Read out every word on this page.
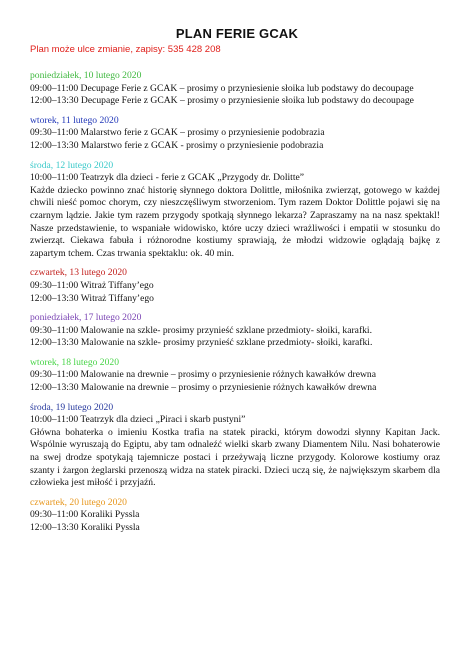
PLAN FERIE GCAK

Plan może ulce zmianie, zapisy: 535 428 208

poniedziałek, 10 lutego 2020

09:00–11:00 Decupage Ferie z GCAK – prosimy o przyniesienie słoika lub podstawy do decoupage

12:00–13:30 Decupage Ferie z GCAK – prosimy o przyniesienie słoika lub podstawy do decoupage

wtorek, 11 lutego 2020

09:30–11:00 Malarstwo ferie z GCAK – prosimy o przyniesienie podobrazia

12:00–13:30 Malarstwo ferie z GCAK - prosimy o przyniesienie podobrazia

środa, 12 lutego 2020

10:00–11:00 Teatrzyk dla dzieci - ferie z GCAK „Przygody dr. Dolitte”

Każde dziecko powinno znać historię słynnego doktora Dolittle, miłośnika zwierząt, gotowego w każdej chwili nieść pomoc chorym, czy nieszczęśliwym stworzeniom. Tym razem Doktor Dolittle pojawi się na czarnym lądzie. Jakie tym razem przygody spotkają słynnego lekarza? Zapraszamy na na nasz spektakl! Nasze przedstawienie, to wspaniałe widowisko, które uczy dzieci wrażliwości i empatii w stosunku do zwierząt. Ciekawa fabuła i różnorodne kostiumy sprawiają, że młodzi widzowie oglądają bajkę z zapartym tchem. Czas trwania spektaklu: ok. 40 min.

czwartek, 13 lutego 2020

09:30–11:00 Witraż Tiffany’ego

12:00–13:30 Witraż Tiffany’ego

poniedziałek, 17 lutego 2020

09:30–11:00 Malowanie na szkle- prosimy przynieść szklane przedmioty- słoiki, karafki.

12:00–13:30 Malowanie na szkle- prosimy przynieść szklane przedmioty- słoiki, karafki.

wtorek, 18 lutego 2020

09:30–11:00 Malowanie na drewnie – prosimy o przyniesienie różnych kawałków drewna

12:00–13:30 Malowanie na drewnie – prosimy o przyniesienie różnych kawałków drewna

środa, 19 lutego 2020

10:00–11:00 Teatrzyk dla dzieci „Piraci i skarb pustyni”

Główna bohaterka o imieniu Kostka trafia na statek piracki, którym dowodzi słynny Kapitan Jack. Wspólnie wyruszają do Egiptu, aby tam odnaleźć wielki skarb zwany Diamentem Nilu. Nasi bohaterowie na swej drodze spotykają tajemnicze postaci i przeżywają liczne przygody. Kolorowe kostiumy oraz szanty i żargon żeglarski przenoszą widza na statek piracki. Dzieci uczą się, że największym skarbem dla człowieka jest miłość i przyjaźń.

czwartek, 20 lutego 2020

09:30–11:00 Koraliki Pyssla

12:00–13:30 Koraliki Pyssla
